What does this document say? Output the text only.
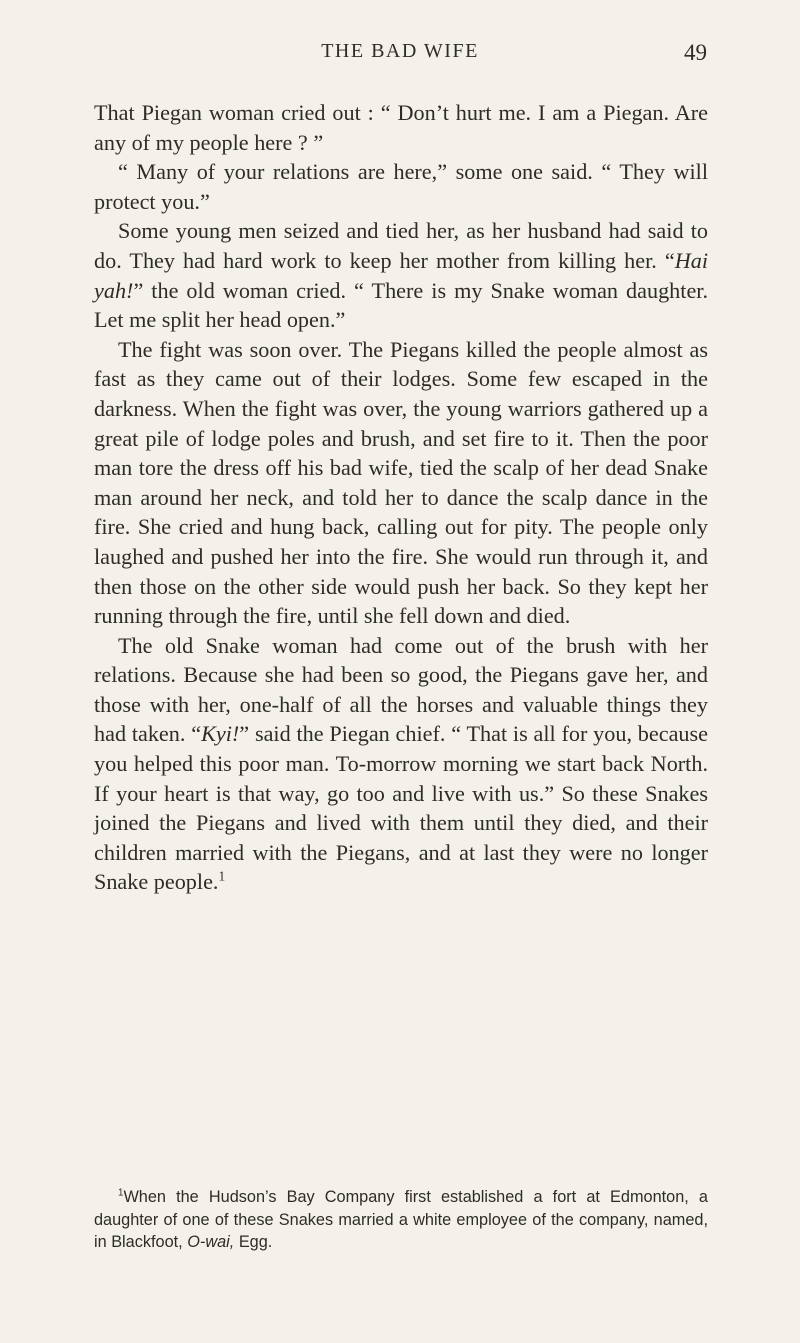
THE BAD WIFE	49

That Piegan woman cried out : “ Don’t hurt me. I am a Piegan. Are any of my people here ? ”

“ Many of your relations are here,” some one said. “ They will protect you.”

Some young men seized and tied her, as her husband had said to do. They had hard work to keep her mother from killing her. “Hai yah!” the old woman cried. “ There is my Snake woman daughter. Let me split her head open.”

The fight was soon over. The Piegans killed the people almost as fast as they came out of their lodges. Some few escaped in the darkness. When the fight was over, the young warriors gathered up a great pile of lodge poles and brush, and set fire to it. Then the poor man tore the dress off his bad wife, tied the scalp of her dead Snake man around her neck, and told her to dance the scalp dance in the fire. She cried and hung back, calling out for pity. The people only laughed and pushed her into the fire. She would run through it, and then those on the other side would push her back. So they kept her running through the fire, until she fell down and died.

The old Snake woman had come out of the brush with her relations. Because she had been so good, the Piegans gave her, and those with her, one-half of all the horses and valuable things they had taken. “Kyi!” said the Piegan chief. “ That is all for you, because you helped this poor man. To-morrow morning we start back North. If your heart is that way, go too and live with us.” So these Snakes joined the Piegans and lived with them until they died, and their children married with the Piegans, and at last they were no longer Snake people.$^1$

$^1$When the Hudson’s Bay Company first established a fort at Edmonton, a daughter of one of these Snakes married a white employee of the company, named, in Blackfoot, O-wai, Egg.
